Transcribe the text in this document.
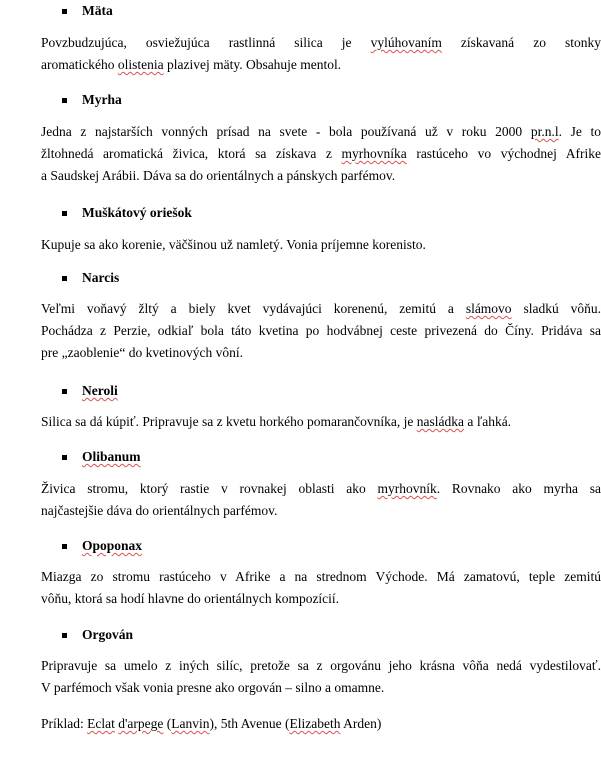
Mäta
Povzbudzujúca, osviežujúca rastlinná silica je vylúhovaním získavaná zo stonky
aromatického olistenia plazivej mäty. Obsahuje mentol.
Myrha
Jedna z najstarších vonných prísad na svete - bola používaná už v roku 2000 pr.n.l. Je to
žltohnedá aromatická živica, ktorá sa získava z myrhovníka rastúceho vo východnej Afrike
a Saudskej Arábii. Dáva sa do orientálnych a pánskych parfémov.
Muškátový oriešok
Kupuje sa ako korenie, väčšinou už namletý. Vonia príjemne korenisto.
Narcis
Veľmi voňavý žltý a biely kvet vydávajúci korenenú, zemitú a slámovo sladkú vôňu.
Pochádza z Perzie, odkiaľ bola táto kvetina po hodvábnej ceste privezená do Číny. Pridáva sa
pre „zaoblenie“ do kvetinových vôní.
Neroli
Silica sa dá kúpiť. Pripravuje sa z kvetu horkého pomarančovníka, je nasládka a ľahká.
Olibanum
Živica stromu, ktorý rastie v rovnakej oblasti ako myrhovník. Rovnako ako myrha sa
najčastejšie dáva do orientálnych parfémov.
Opoponax
Miazga zo stromu rastúceho v Afrike a na strednom Východe. Má zamatovú, teple zemitú
vôňu, ktorá sa hodí hlavne do orientálnych kompozícií.
Orgován
Pripravuje sa umelo z iných silíc, pretože sa z orgovánu jeho krásna vôňa nedá vydestilovať.
V parfémoch však vonia presne ako orgován – silno a omamne.
Príklad: Eclat d'arpege (Lanvin), 5th Avenue (Elizabeth Arden)
